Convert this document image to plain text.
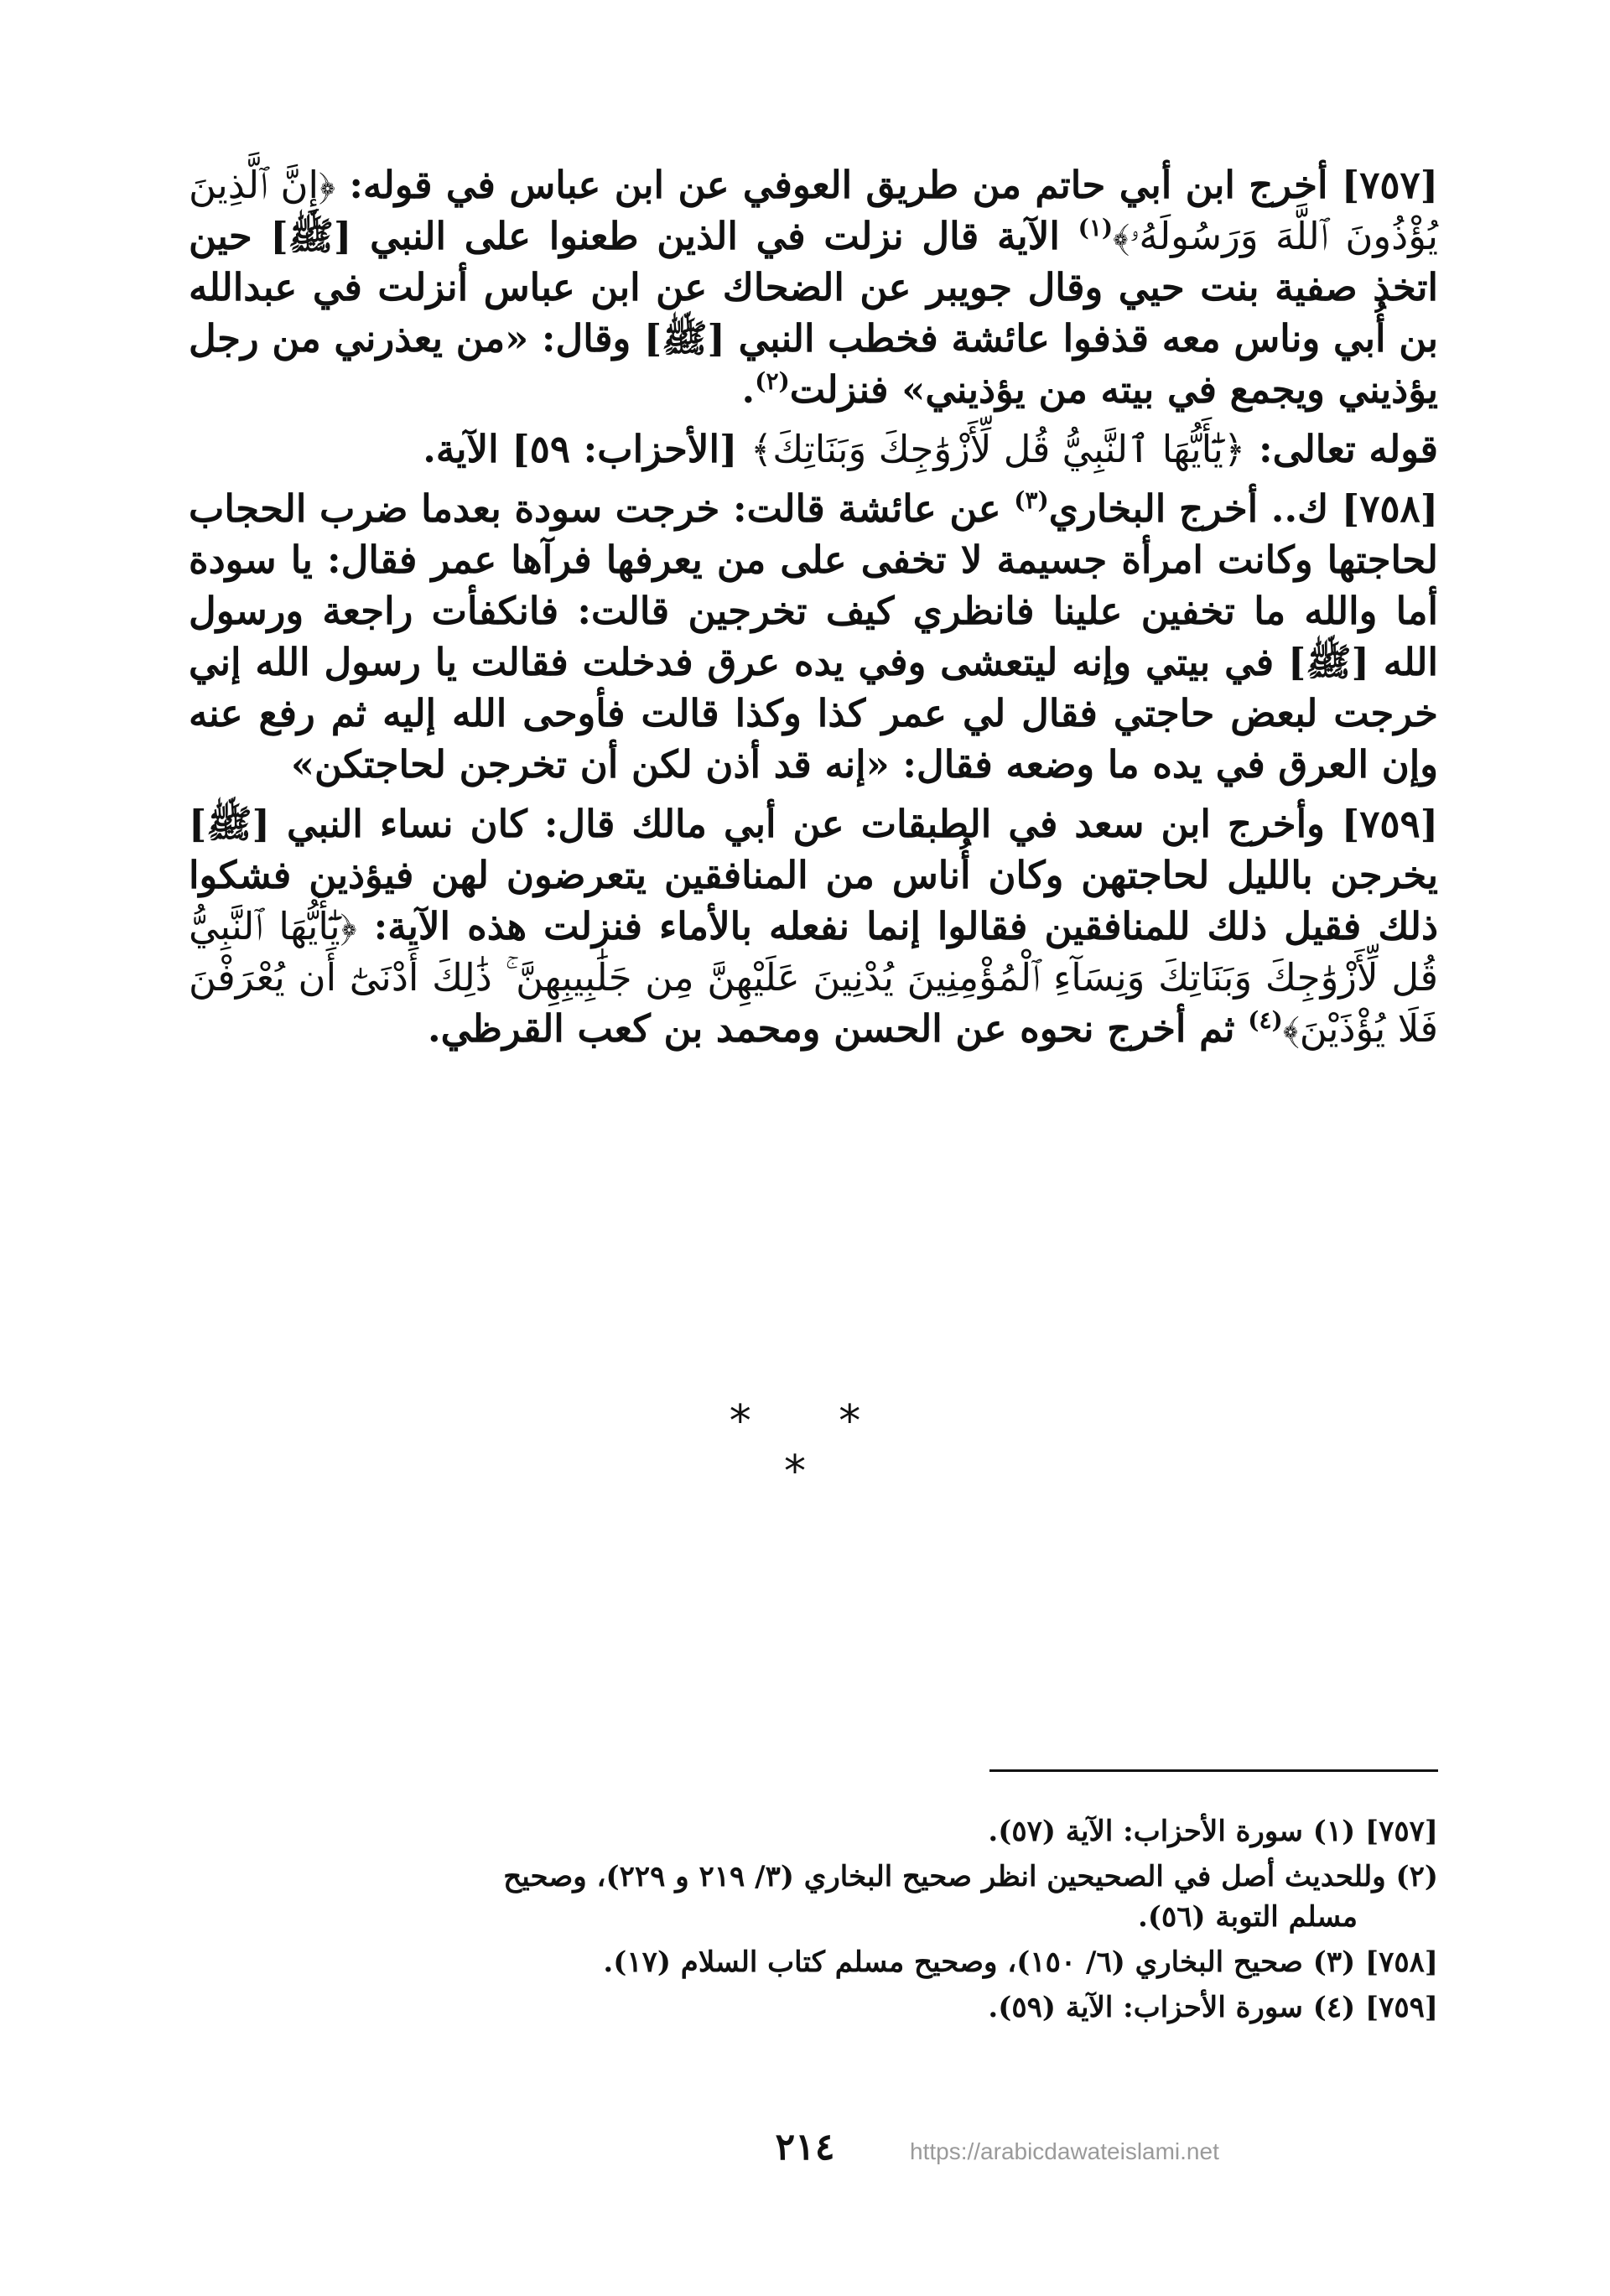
[٧٥٧] أخرج ابن أبي حاتم من طريق العوفي عن ابن عباس في قوله: ﴿إِنَّ ٱلَّذِينَ يُؤْذُونَ ٱللَّهَ وَرَسُولَهُۥ﴾$^{(١)}$ الآية قال نزلت في الذين طعنوا على النبي [ﷺ] حين اتخذ صفية بنت حيي وقال جويبر عن الضحاك عن ابن عباس أنزلت في عبدالله بن أُبي وناس معه قذفوا عائشة فخطب النبي [ﷺ] وقال: «من يعذرني من رجل يؤذيني ويجمع في بيته من يؤذيني» فنزلت$^{(٢)}$.

قوله تعالى: ﴿يَٰٓأَيُّهَا ٱلنَّبِيُّ قُل لِّأَزْوَٰجِكَ وَبَنَاتِكَ﴾ [الأحزاب: ٥٩] الآية.

[٧٥٨] ك.. أخرج البخاري$^{(٣)}$ عن عائشة قالت: خرجت سودة بعدما ضرب الحجاب لحاجتها وكانت امرأة جسيمة لا تخفى على من يعرفها فرآها عمر فقال: يا سودة أما والله ما تخفين علينا فانظري كيف تخرجين قالت: فانكفأت راجعة ورسول الله [ﷺ] في بيتي وإنه ليتعشى وفي يده عرق فدخلت فقالت يا رسول الله إني خرجت لبعض حاجتي فقال لي عمر كذا وكذا قالت فأوحى الله إليه ثم رفع عنه وإن العرق في يده ما وضعه فقال: «إنه قد أذن لكن أن تخرجن لحاجتكن»

[٧٥٩] وأخرج ابن سعد في الطبقات عن أبي مالك قال: كان نساء النبي [ﷺ] يخرجن بالليل لحاجتهن وكان أُناس من المنافقين يتعرضون لهن فيؤذين فشكوا ذلك فقيل ذلك للمنافقين فقالوا إنما نفعله بالأماء فنزلت هذه الآية: ﴿يَٰٓأَيُّهَا ٱلنَّبِيُّ قُل لِّأَزْوَٰجِكَ وَبَنَاتِكَ وَنِسَآءِ ٱلْمُؤْمِنِينَ يُدْنِينَ عَلَيْهِنَّ مِن جَلَٰبِيبِهِنَّ ۚ ذَٰلِكَ أَدْنَىٰٓ أَن يُعْرَفْنَ فَلَا يُؤْذَيْنَ﴾$^{(٤)}$ ثم أخرج نحوه عن الحسن ومحمد بن كعب القرظي.

* * *
[٧٥٧] (١) سورة الأحزاب: الآية (٥٧).
(٢) وللحديث أصل في الصحيحين انظر صحيح البخاري (٣/ ٢١٩ و ٢٢٩)، وصحيح
مسلم التوبة (٥٦).
[٧٥٨] (٣) صحيح البخاري (٦/ ١٥٠)، وصحيح مسلم كتاب السلام (١٧).
[٧٥٩] (٤) سورة الأحزاب: الآية (٥٩).
٢١٤	https://arabicdawateislami.net
